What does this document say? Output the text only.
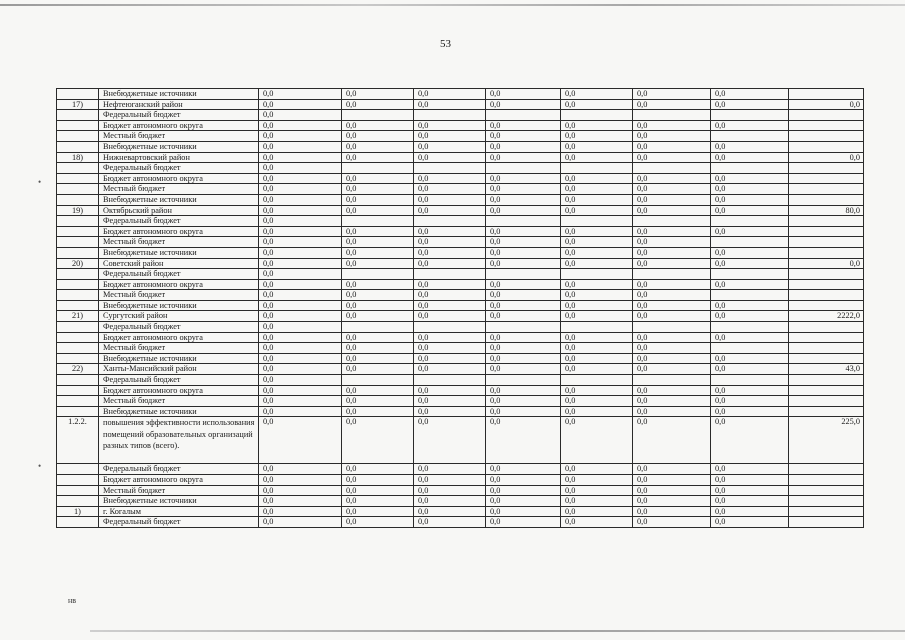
53
•
•
	Внебюджетные источники	0,0	0,0	0,0	0,0	0,0	0,0	0,0	
17)	Нефтеюганский район	0,0	0,0	0,0	0,0	0,0	0,0	0,0	0,0
	Федеральный бюджет	0,0							
	Бюджет автономного округа	0,0	0,0	0,0	0,0	0,0	0,0	0,0	
	Местный бюджет	0,0	0,0	0,0	0,0	0,0	0,0		
	Внебюджетные источники	0,0	0,0	0,0	0,0	0,0	0,0	0,0	
18)	Нижневартовский район	0,0	0,0	0,0	0,0	0,0	0,0	0,0	0,0
	Федеральный бюджет	0,0							
	Бюджет автономного округа	0,0	0,0	0,0	0,0	0,0	0,0	0,0	
	Местный бюджет	0,0	0,0	0,0	0,0	0,0	0,0	0,0	
	Внебюджетные источники	0,0	0,0	0,0	0,0	0,0	0,0	0,0	
19)	Октябрьский район	0,0	0,0	0,0	0,0	0,0	0,0	0,0	80,0
	Федеральный бюджет	0,0							
	Бюджет автономного округа	0,0	0,0	0,0	0,0	0,0	0,0	0,0	
	Местный бюджет	0,0	0,0	0,0	0,0	0,0	0,0		
	Внебюджетные источники	0,0	0,0	0,0	0,0	0,0	0,0	0,0	
20)	Советский район	0,0	0,0	0,0	0,0	0,0	0,0	0,0	0,0
	Федеральный бюджет	0,0							
	Бюджет автономного округа	0,0	0,0	0,0	0,0	0,0	0,0	0,0	
	Местный бюджет	0,0	0,0	0,0	0,0	0,0	0,0		
	Внебюджетные источники	0,0	0,0	0,0	0,0	0,0	0,0	0,0	
21)	Сургутский район	0,0	0,0	0,0	0,0	0,0	0,0	0,0	2222,0
	Федеральный бюджет	0,0							
	Бюджет автономного округа	0,0	0,0	0,0	0,0	0,0	0,0	0,0	
	Местный бюджет	0,0	0,0	0,0	0,0	0,0	0,0		
	Внебюджетные источники	0,0	0,0	0,0	0,0	0,0	0,0	0,0	
22)	Ханты-Мансийский район	0,0	0,0	0,0	0,0	0,0	0,0	0,0	43,0
	Федеральный бюджет	0,0							
	Бюджет автономного округа	0,0	0,0	0,0	0,0	0,0	0,0	0,0	
	Местный бюджет	0,0	0,0	0,0	0,0	0,0	0,0	0,0	
	Внебюджетные источники	0,0	0,0	0,0	0,0	0,0	0,0	0,0	
1.2.2.	повышения эффективности использования помещений образовательных организаций разных типов (всего).	0,0	0,0	0,0	0,0	0,0	0,0	0,0	225,0
	Федеральный бюджет	0,0	0,0	0,0	0,0	0,0	0,0	0,0	
	Бюджет автономного округа	0,0	0,0	0,0	0,0	0,0	0,0	0,0	
	Местный бюджет	0,0	0,0	0,0	0,0	0,0	0,0	0,0	
	Внебюджетные источники	0,0	0,0	0,0	0,0	0,0	0,0	0,0	
1)	г. Когалым	0,0	0,0	0,0	0,0	0,0	0,0	0,0	
	Федеральный бюджет	0,0	0,0	0,0	0,0	0,0	0,0	0,0	
нв
